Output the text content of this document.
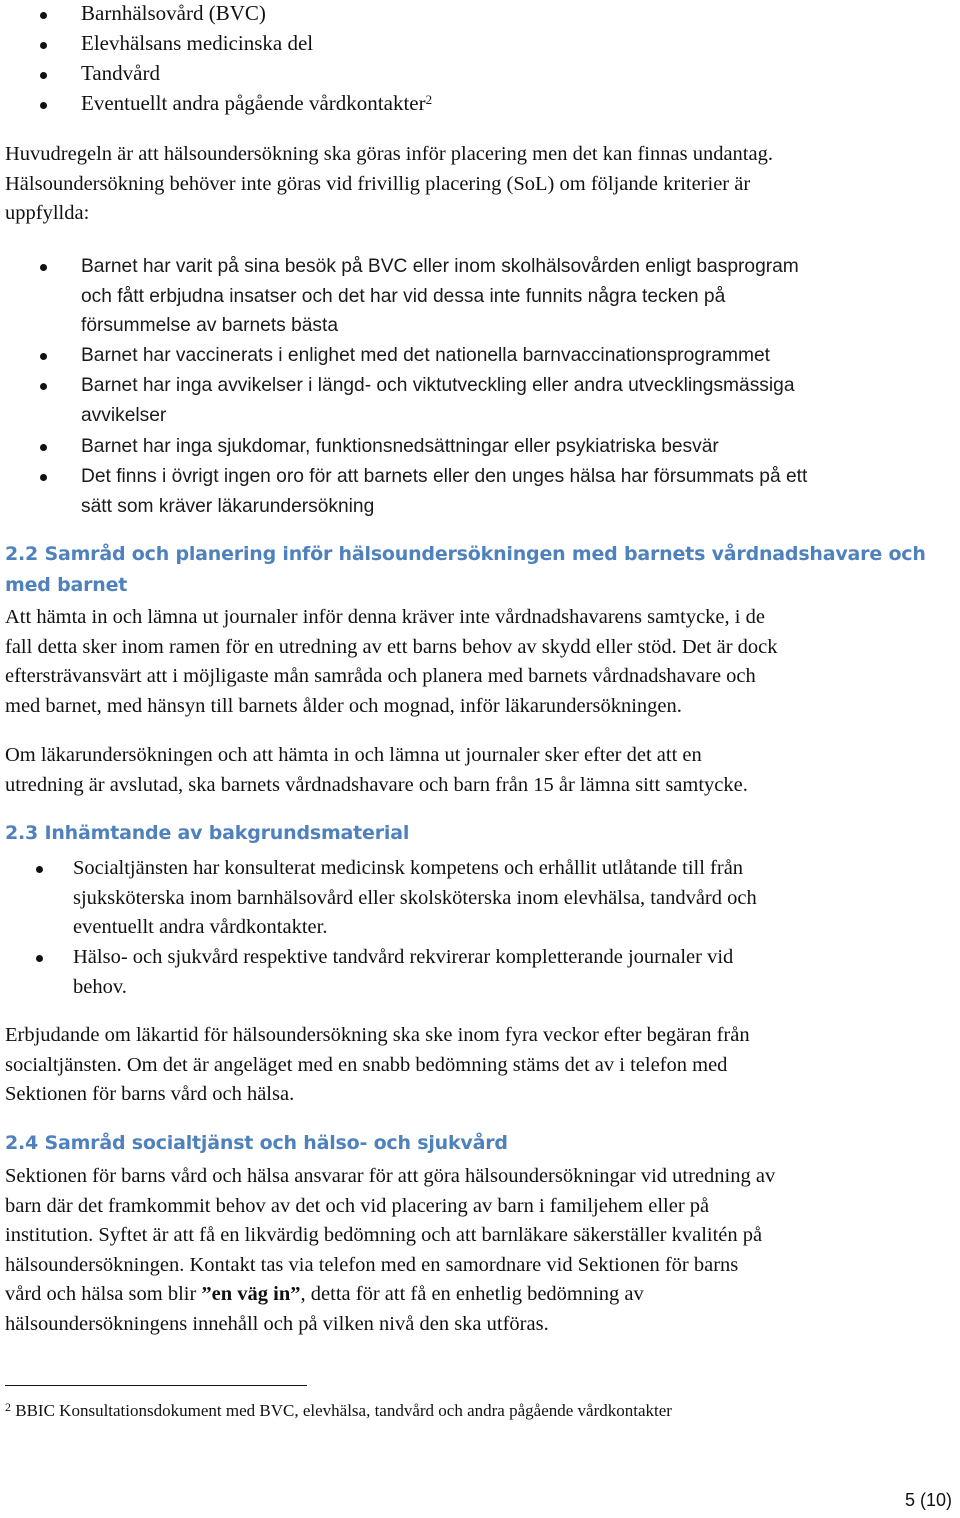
Barnhälsovård (BVC)
Elevhälsans medicinska del
Tandvård
Eventuellt andra pågående vårdkontakter$^2$
Huvudregeln är att hälsoundersökning ska göras inför placering men det kan finnas undantag.
Hälsoundersökning behöver inte göras vid frivillig placering (SoL) om följande kriterier är
uppfyllda:
Barnet har varit på sina besök på BVC eller inom skolhälsovården enligt basprogram
och fått erbjudna insatser och det har vid dessa inte funnits några tecken på
försummelse av barnets bästa
Barnet har vaccinerats i enlighet med det nationella barnvaccinationsprogrammet
Barnet har inga avvikelser i längd- och viktutveckling eller andra utvecklingsmässiga
avvikelser
Barnet har inga sjukdomar, funktionsnedsättningar eller psykiatriska besvär
Det finns i övrigt ingen oro för att barnets eller den unges hälsa har försummats på ett
sätt som kräver läkarundersökning
2.2 Samråd och planering inför hälsoundersökningen med barnets vårdnadshavare och
med barnet
Att hämta in och lämna ut journaler inför denna kräver inte vårdnadshavarens samtycke, i de
fall detta sker inom ramen för en utredning av ett barns behov av skydd eller stöd. Det är dock
eftersträvansvärt att i möjligaste mån samråda och planera med barnets vårdnadshavare och
med barnet, med hänsyn till barnets ålder och mognad, inför läkarundersökningen.
Om läkarundersökningen och att hämta in och lämna ut journaler sker efter det att en
utredning är avslutad, ska barnets vårdnadshavare och barn från 15 år lämna sitt samtycke.
2.3 Inhämtande av bakgrundsmaterial
Socialtjänsten har konsulterat medicinsk kompetens och erhållit utlåtande till från
sjuksköterska inom barnhälsovård eller skolsköterska inom elevhälsa, tandvård och
eventuellt andra vårdkontakter.
Hälso- och sjukvård respektive tandvård rekvirerar kompletterande journaler vid
behov.
Erbjudande om läkartid för hälsoundersökning ska ske inom fyra veckor efter begäran från
socialtjänsten. Om det är angeläget med en snabb bedömning stäms det av i telefon med
Sektionen för barns vård och hälsa.
2.4 Samråd socialtjänst och hälso- och sjukvård
Sektionen för barns vård och hälsa ansvarar för att göra hälsoundersökningar vid utredning av
barn där det framkommit behov av det och vid placering av barn i familjehem eller på
institution. Syftet är att få en likvärdig bedömning och att barnläkare säkerställer kvalitén på
hälsoundersökningen. Kontakt tas via telefon med en samordnare vid Sektionen för barns
vård och hälsa som blir ”en väg in”, detta för att få en enhetlig bedömning av
hälsoundersökningens innehåll och på vilken nivå den ska utföras.
$^2$ BBIC Konsultationsdokument med BVC, elevhälsa, tandvård och andra pågående vårdkontakter
5 (10)
